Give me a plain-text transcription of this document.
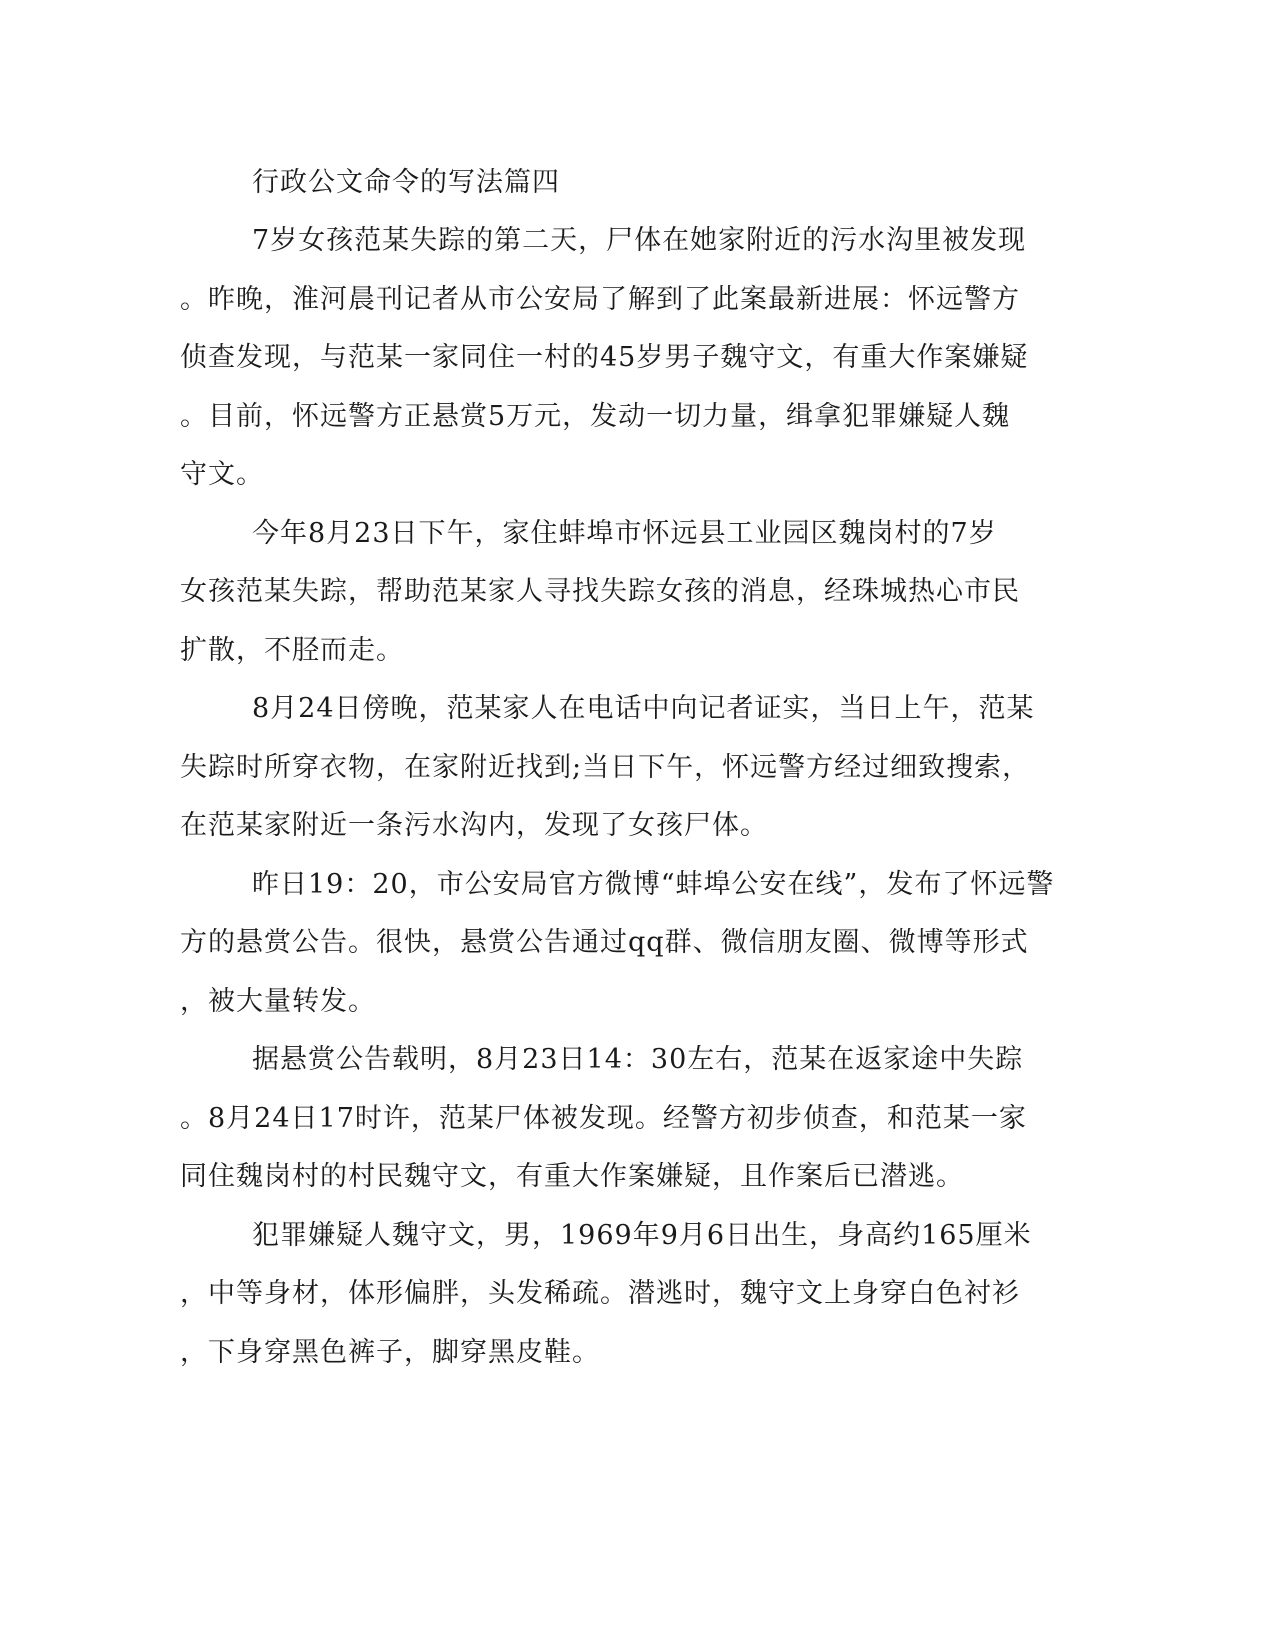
行政公文命令的写法篇四
7岁女孩范某失踪的第二天，尸体在她家附近的污水沟里被发现
。昨晚，淮河晨刊记者从市公安局了解到了此案最新进展：怀远警方
侦查发现，与范某一家同住一村的45岁男子魏守文，有重大作案嫌疑
。目前，怀远警方正悬赏5万元，发动一切力量，缉拿犯罪嫌疑人魏
守文。
今年8月23日下午，家住蚌埠市怀远县工业园区魏岗村的7岁
女孩范某失踪，帮助范某家人寻找失踪女孩的消息，经珠城热心市民
扩散，不胫而走。
8月24日傍晚，范某家人在电话中向记者证实，当日上午，范某
失踪时所穿衣物，在家附近找到;当日下午，怀远警方经过细致搜索，
在范某家附近一条污水沟内，发现了女孩尸体。
昨日19：20，市公安局官方微博“蚌埠公安在线”，发布了怀远警
方的悬赏公告。很快，悬赏公告通过qq群、微信朋友圈、微博等形式
，被大量转发。
据悬赏公告载明，8月23日14：30左右，范某在返家途中失踪
。8月24日17时许，范某尸体被发现。经警方初步侦查，和范某一家
同住魏岗村的村民魏守文，有重大作案嫌疑，且作案后已潜逃。
犯罪嫌疑人魏守文，男，1969年9月6日出生，身高约165厘米
，中等身材，体形偏胖，头发稀疏。潜逃时，魏守文上身穿白色衬衫
，下身穿黑色裤子，脚穿黑皮鞋。
